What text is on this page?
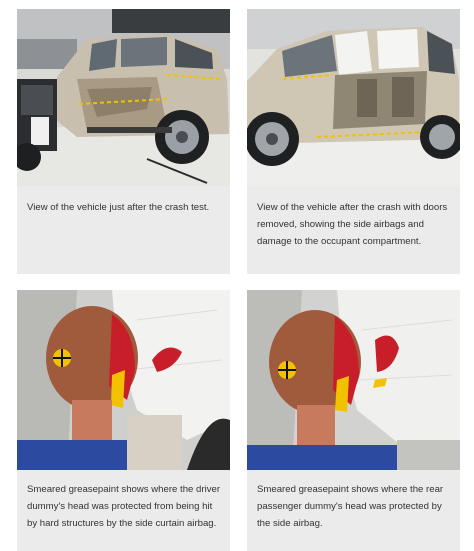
View of the vehicle just after the crash test.	View of the vehicle after the crash with doors removed, showing the side airbags and damage to the occupant compartment.

Smeared greasepaint shows where the driver dummy's head was protected from being hit by hard structures by the side curtain airbag.

Smeared greasepaint shows where the rear passenger dummy's head was protected by the side airbag.
